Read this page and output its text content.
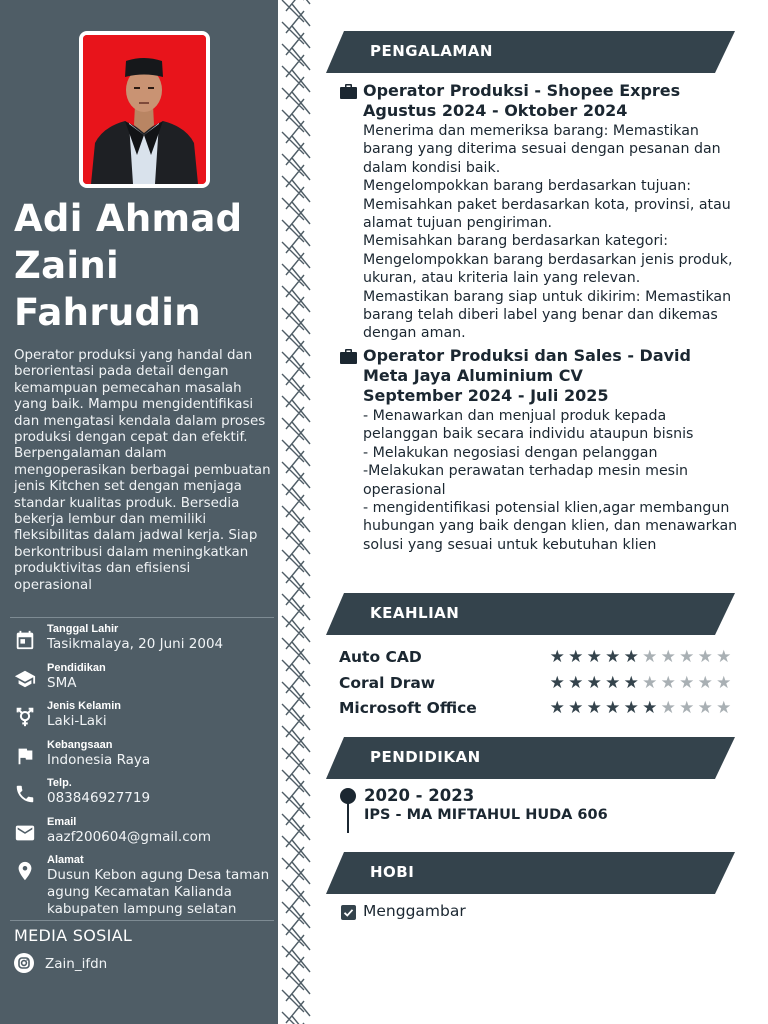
Adi Ahmad
Zaini
Fahrudin
Operator produksi yang handal dan berorientasi pada detail dengan kemampuan pemecahan masalah yang baik. Mampu mengidentifikasi dan mengatasi kendala dalam proses produksi dengan cepat dan efektif. Berpengalaman dalam mengoperasikan berbagai pembuatan jenis Kitchen set dengan menjaga standar kualitas produk. Bersedia bekerja lembur dan memiliki fleksibilitas dalam jadwal kerja. Siap berkontribusi dalam meningkatkan produktivitas dan efisiensi operasional
Tanggal Lahir
Tasikmalaya, 20 Juni 2004
Pendidikan
SMA
Jenis Kelamin
Laki-Laki
Kebangsaan
Indonesia Raya
Telp.
083846927719
Email
aazf200604@gmail.com
Alamat
Dusun Kebon agung Desa taman agung Kecamatan Kalianda kabupaten lampung selatan
MEDIA SOSIAL
Zain_ifdn
PENGALAMAN
Operator Produksi - Shopee Expres
Agustus 2024 - Oktober 2024
Menerima dan memeriksa barang: Memastikan barang yang diterima sesuai dengan pesanan dan dalam kondisi baik.
Mengelompokkan barang berdasarkan tujuan: Memisahkan paket berdasarkan kota, provinsi, atau alamat tujuan pengiriman.
Memisahkan barang berdasarkan kategori: Mengelompokkan barang berdasarkan jenis produk, ukuran, atau kriteria lain yang relevan.
Memastikan barang siap untuk dikirim: Memastikan barang telah diberi label yang benar dan dikemas dengan aman.
Operator Produksi dan Sales - David Meta Jaya Aluminium CV
September 2024 - Juli 2025
- Menawarkan dan menjual produk kepada pelanggan baik secara individu ataupun bisnis
- Melakukan negosiasi dengan pelanggan
-Melakukan perawatan terhadap mesin mesin operasional
- mengidentifikasi potensial klien,agar membangun hubungan yang baik dengan klien, dan menawarkan solusi yang sesuai untuk kebutuhan klien
KEAHLIAN
Auto CAD	★ ★ ★ ★ ★ ★ ★ ★ ★ ★
Coral Draw	★ ★ ★ ★ ★ ★ ★ ★ ★ ★
Microsoft Office	★ ★ ★ ★ ★ ★ ★ ★ ★ ★
PENDIDIKAN
2020 - 2023
IPS - MA MIFTAHUL HUDA 606
HOBI
Menggambar
